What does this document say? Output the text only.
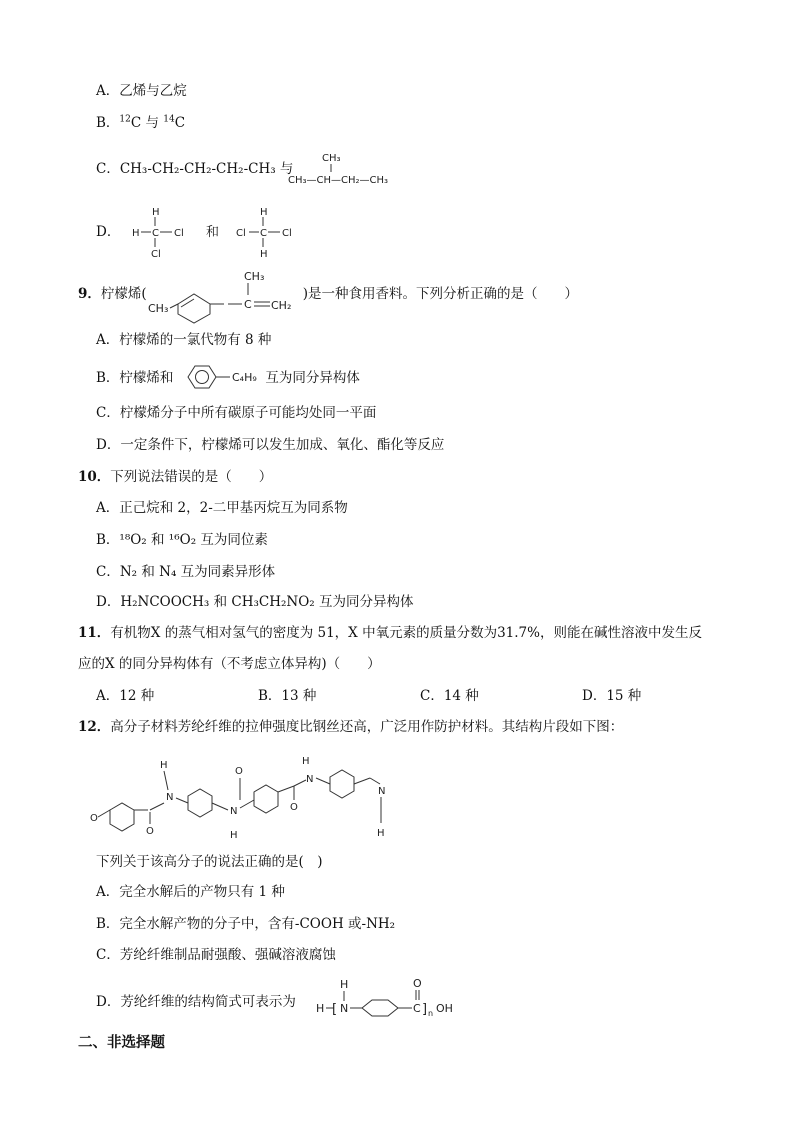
A．乙烯与乙烷
B．$^{12}$C 与 $^{14}$C
C．CH₃-CH₂-CH₂-CH₂-CH₃ 与
CH₃
CH₃—CH—CH₂—CH₃
D．
H
H C Cl
Cl
和
H
Cl C Cl
H
9．柠檬烯(	)是一种食用香料。下列分析正确的是（　　）
CH₃
CH₃
C CH₂
A．柠檬烯的一氯代物有 8 种
B．柠檬烯和	互为同分异构体
C₄H₉
C．柠檬烯分子中所有碳原子可能均处同一平面
D．一定条件下，柠檬烯可以发生加成、氧化、酯化等反应
10．下列说法错误的是（　　）
A．正己烷和 2，2-二甲基丙烷互为同系物
B．¹⁸O₂ 和 ¹⁶O₂ 互为同位素
C．N₂ 和 N₄ 互为同素异形体
D．H₂NCOOCH₃ 和 CH₃CH₂NO₂ 互为同分异构体
11．有机物X 的蒸气相对氢气的密度为 51，X 中氧元素的质量分数为31.7%，则能在碱性溶液中发生反
应的X 的同分异构体有（不考虑立体异构)（　　）
A．12 种	B．13 种	C．14 种	D．15 种
12．高分子材料芳纶纤维的拉伸强度比钢丝还高，广泛用作防护材料。其结构片段如下图：
O
O
N
H
N
H
O
O
N
H
N
H
下列关于该高分子的说法正确的是(　)
A．完全水解后的产物只有 1 种
B．完全水解产物的分子中，含有-COOH 或-NH₂
C．芳纶纤维制品耐强酸、强碱溶液腐蚀
D．芳纶纤维的结构简式可表示为 H [ N
H
C
O
] n OH
二、非选择题
